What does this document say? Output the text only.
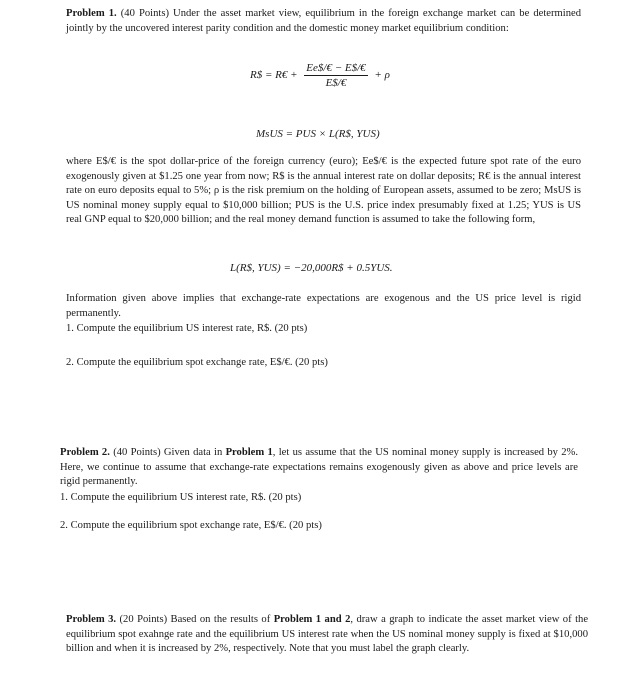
Problem 1. (40 Points) Under the asset market view, equilibrium in the foreign exchange market can be determined jointly by the uncovered interest parity condition and the domestic money market equilibrium condition:

R$ = R€ + $\frac{Ee\$/€ - E\$/€}{E\$/€} + \rho$
MsUS = PUS × L(R$, YUS)

where E$/€ is the spot dollar-price of the foreign currency (euro); Ee$/€ is the expected future spot rate of the euro exogenously given at $1.25 one year from now; R$ is the annual interest rate on dollar deposits; R€ is the annual interest rate on euro deposits equal to 5%; ρ is the risk premium on the holding of European assets, assumed to be zero; MsUS is US nominal money supply equal to $10,000 billion; PUS is the U.S. price index presumably fixed at 1.25; YUS is US real GNP equal to $20,000 billion; and the real money demand function is assumed to take the following form,

L(R$, YUS) = −20,000R$ + 0.5YUS.

Information given above implies that exchange-rate expectations are exogenous and the US price level is rigid permanently.

1. Compute the equilibrium US interest rate, R$. (20 pts)
2. Compute the equilibrium spot exchange rate, E$/€. (20 pts)

Problem 2. (40 Points) Given data in Problem 1, let us assume that the US nominal money supply is increased by 2%. Here, we continue to assume that exchange-rate expectations remains exogenously given as above and price levels are rigid permanently.

1. Compute the equilibrium US interest rate, R$. (20 pts)
2. Compute the equilibrium spot exchange rate, E$/€. (20 pts)

Problem 3. (20 Points) Based on the results of Problem 1 and 2, draw a graph to indicate the asset market view of the equilibrium spot exahnge rate and the equilibrium US interest rate when the US nominal money supply is fixed at $10,000 billion and when it is increased by 2%, respectively. Note that you must label the graph clearly.
